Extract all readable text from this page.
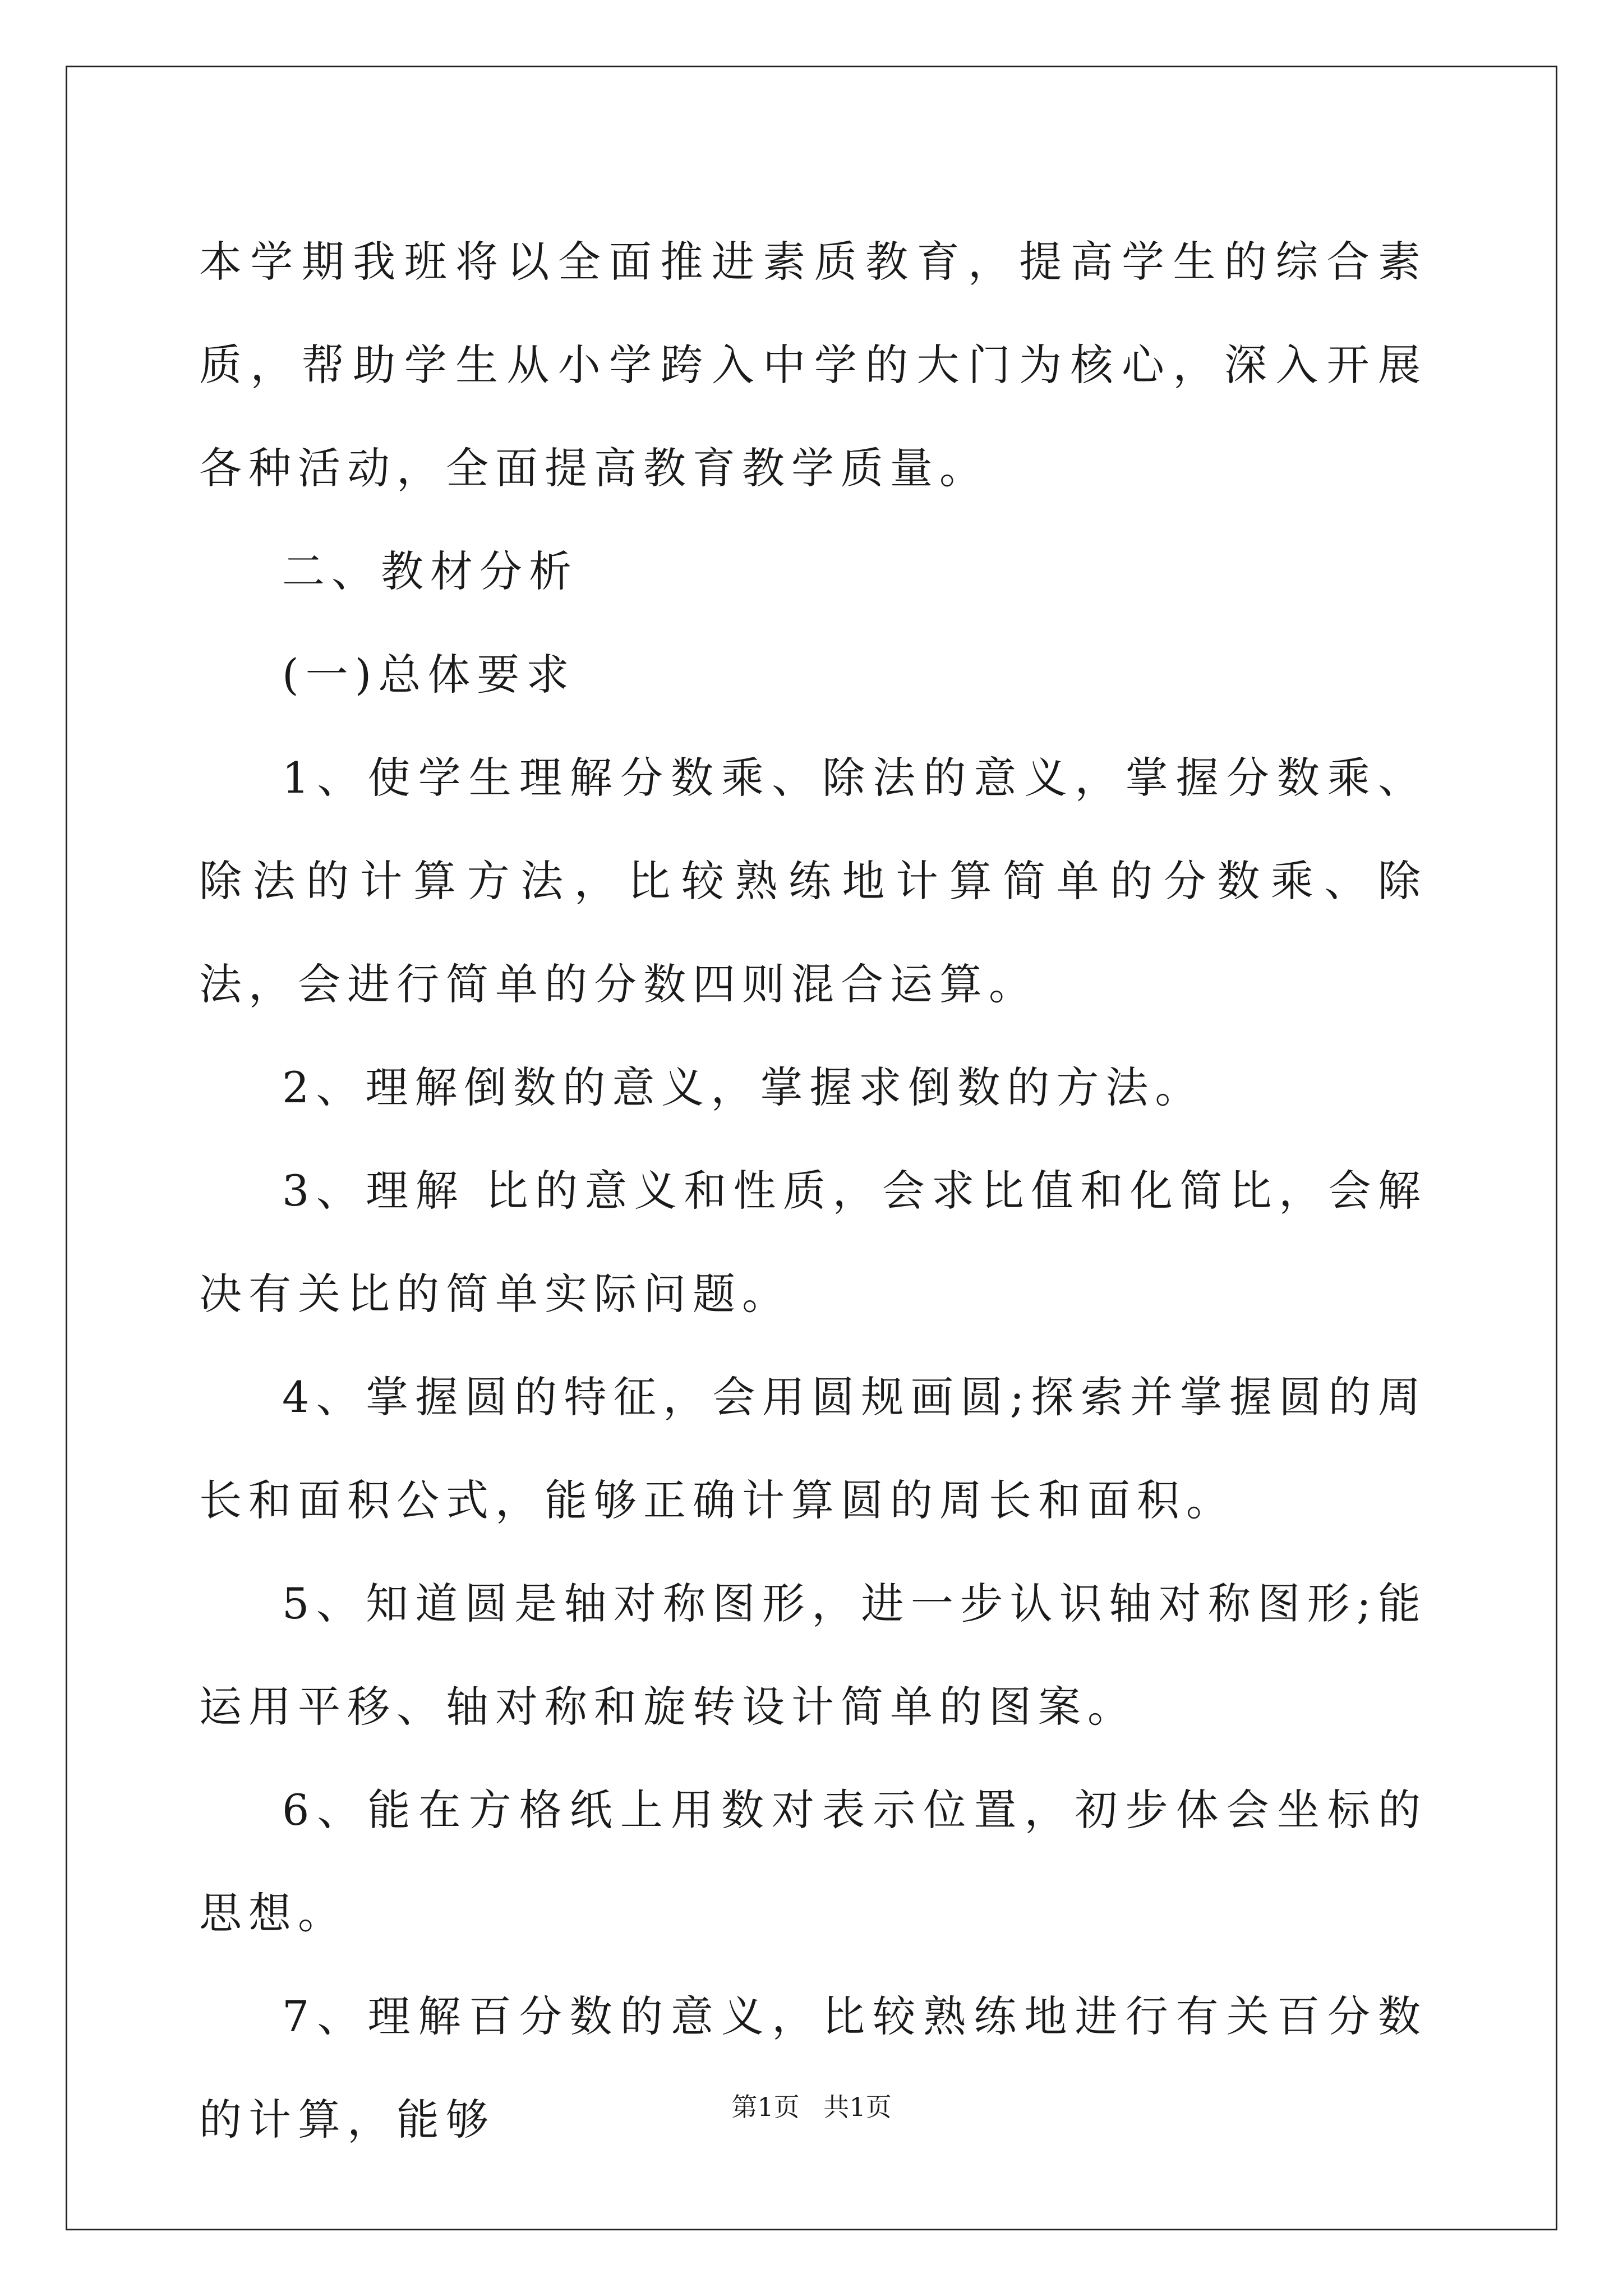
本学期我班将以全面推进素质教育，提高学生的综合素质，帮助学生从小学跨入中学的大门为核心，深入开展各种活动，全面提高教育教学质量。

二、教材分析

(一)总体要求

1、使学生理解分数乘、除法的意义，掌握分数乘、除法的计算方法，比较熟练地计算简单的分数乘、除法，会进行简单的分数四则混合运算。

2、理解倒数的意义，掌握求倒数的方法。

3、理解 比的意义和性质，会求比值和化简比，会解决有关比的简单实际问题。

4、掌握圆的特征，会用圆规画圆;探索并掌握圆的周长和面积公式，能够正确计算圆的周长和面积。

5、知道圆是轴对称图形，进一步认识轴对称图形;能运用平移、轴对称和旋转设计简单的图案。

6、能在方格纸上用数对表示位置，初步体会坐标的思想。

7、理解百分数的意义，比较熟练地进行有关百分数的计算，能够	第1页 共1页
